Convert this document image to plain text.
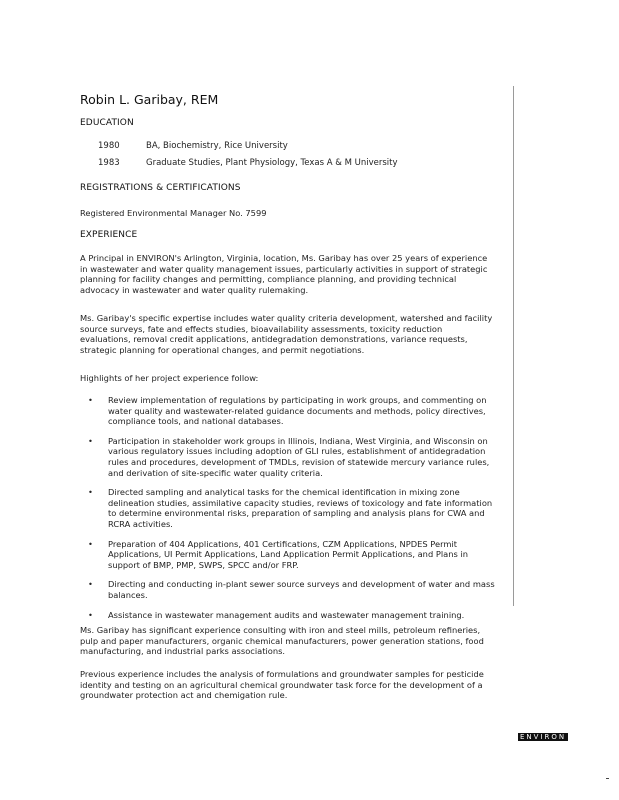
Robin L. Garibay, REM
EDUCATION
1980	BA, Biochemistry, Rice University
1983	Graduate Studies, Plant Physiology, Texas A & M University
REGISTRATIONS & CERTIFICATIONS
Registered Environmental Manager No. 7599
EXPERIENCE

A Principal in ENVIRON's Arlington, Virginia, location, Ms. Garibay has over 25 years of experience in wastewater and water quality management issues, particularly activities in support of strategic planning for facility changes and permitting, compliance planning, and providing technical advocacy in wastewater and water quality rulemaking.

Ms. Garibay's specific expertise includes water quality criteria development, watershed and facility source surveys, fate and effects studies, bioavailability assessments, toxicity reduction evaluations, removal credit applications, antidegradation demonstrations, variance requests, strategic planning for operational changes, and permit negotiations.

Highlights of her project experience follow:

• Review implementation of regulations by participating in work groups, and commenting on water quality and wastewater-related guidance documents and methods, policy directives, compliance tools, and national databases.
• Participation in stakeholder work groups in Illinois, Indiana, West Virginia, and Wisconsin on various regulatory issues including adoption of GLI rules, establishment of antidegradation rules and procedures, development of TMDLs, revision of statewide mercury variance rules, and derivation of site-specific water quality criteria.
• Directed sampling and analytical tasks for the chemical identification in mixing zone delineation studies, assimilative capacity studies, reviews of toxicology and fate information to determine environmental risks, preparation of sampling and analysis plans for CWA and RCRA activities.
• Preparation of 404 Applications, 401 Certifications, CZM Applications, NPDES Permit Applications, UI Permit Applications, Land Application Permit Applications, and Plans in support of BMP, PMP, SWPS, SPCC and/or FRP.
• Directing and conducting in-plant sewer source surveys and development of water and mass balances.
• Assistance in wastewater management audits and wastewater management training.

Ms. Garibay has significant experience consulting with iron and steel mills, petroleum refineries, pulp and paper manufacturers, organic chemical manufacturers, power generation stations, food manufacturing, and industrial parks associations.

Previous experience includes the analysis of formulations and groundwater samples for pesticide identity and testing on an agricultural chemical groundwater task force for the development of a groundwater protection act and chemigation rule.

ENVIRON
